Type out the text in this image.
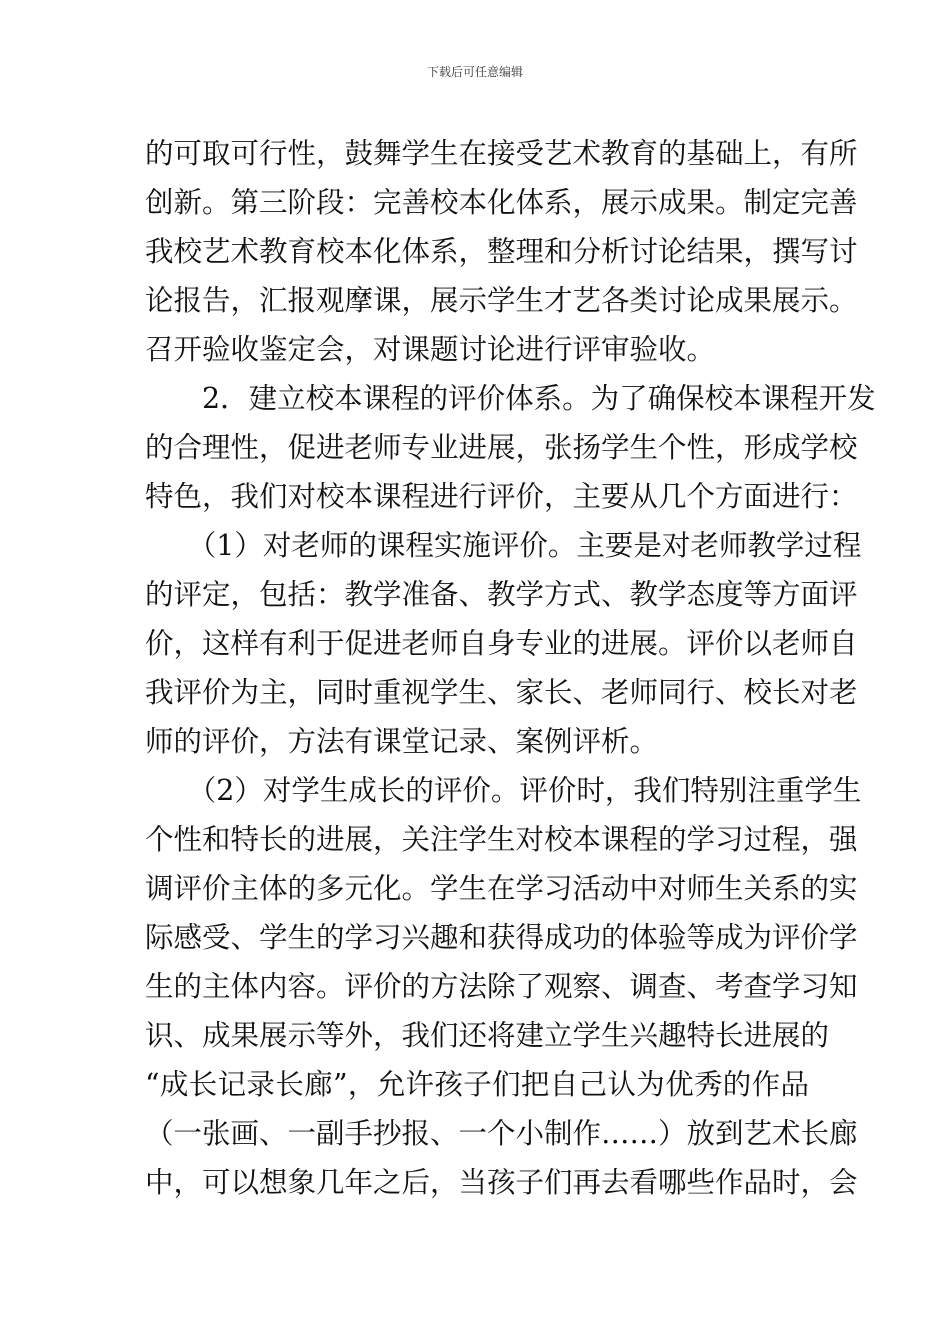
下载后可任意编辑
的可取可行性，鼓舞学生在接受艺术教育的基础上，有所
创新。第三阶段：完善校本化体系，展示成果。制定完善
我校艺术教育校本化体系，整理和分析讨论结果，撰写讨
论报告，汇报观摩课，展示学生才艺各类讨论成果展示。
召开验收鉴定会，对课题讨论进行评审验收。
　　2．建立校本课程的评价体系。为了确保校本课程开发
的合理性，促进老师专业进展，张扬学生个性，形成学校
特色，我们对校本课程进行评价，主要从几个方面进行：
　　（1）对老师的课程实施评价。主要是对老师教学过程
的评定，包括：教学准备、教学方式、教学态度等方面评
价，这样有利于促进老师自身专业的进展。评价以老师自
我评价为主，同时重视学生、家长、老师同行、校长对老
师的评价，方法有课堂记录、案例评析。
　　（2）对学生成长的评价。评价时，我们特别注重学生
个性和特长的进展，关注学生对校本课程的学习过程，强
调评价主体的多元化。学生在学习活动中对师生关系的实
际感受、学生的学习兴趣和获得成功的体验等成为评价学
生的主体内容。评价的方法除了观察、调查、考查学习知
识、成果展示等外，我们还将建立学生兴趣特长进展的
“成长记录长廊”，允许孩子们把自己认为优秀的作品
（一张画、一副手抄报、一个小制作……）放到艺术长廊
中，可以想象几年之后，当孩子们再去看哪些作品时，会
